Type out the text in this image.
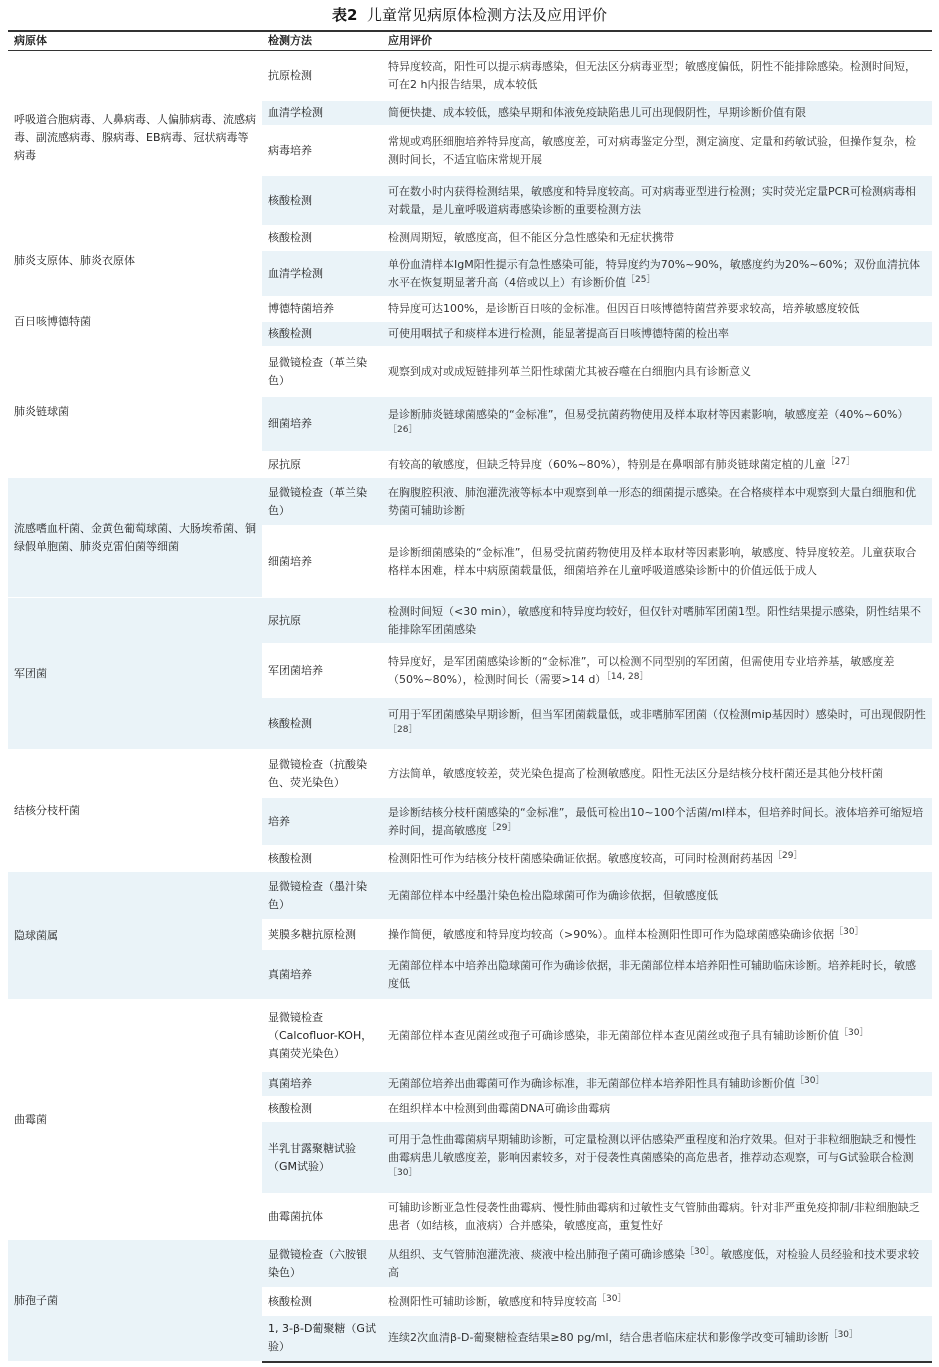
表2 儿童常见病原体检测方法及应用评价
病原体	检测方法	应用评价
呼吸道合胞病毒、人鼻病毒、人偏肺病毒、流感病毒、副流感病毒、腺病毒、EB病毒、冠状病毒等病毒	抗原检测	特异度较高，阳性可以提示病毒感染，但无法区分病毒亚型；敏感度偏低，阴性不能排除感染。检测时间短，可在2 h内报告结果，成本较低
	血清学检测	简便快捷、成本较低，感染早期和体液免疫缺陷患儿可出现假阴性，早期诊断价值有限
	病毒培养	常规或鸡胚细胞培养特异度高，敏感度差，可对病毒鉴定分型，测定滴度、定量和药敏试验，但操作复杂，检测时间长，不适宜临床常规开展
	核酸检测	可在数小时内获得检测结果，敏感度和特异度较高。可对病毒亚型进行检测；实时荧光定量PCR可检测病毒相对载量，是儿童呼吸道病毒感染诊断的重要检测方法
肺炎支原体、肺炎衣原体	核酸检测	检测周期短，敏感度高，但不能区分急性感染和无症状携带
	血清学检测	单份血清样本IgM阳性提示有急性感染可能，特异度约为70%~90%，敏感度约为20%~60%；双份血清抗体水平在恢复期显著升高（4倍或以上）有诊断价值$^{[25]}$
百日咳博德特菌	博德特菌培养	特异度可达100%，是诊断百日咳的金标准。但因百日咳博德特菌营养要求较高，培养敏感度较低
	核酸检测	可使用咽拭子和痰样本进行检测，能显著提高百日咳博德特菌的检出率
肺炎链球菌	显微镜检查（革兰染色）	观察到成对或成短链排列革兰阳性球菌尤其被吞噬在白细胞内具有诊断意义
	细菌培养	是诊断肺炎链球菌感染的“金标准”，但易受抗菌药物使用及样本取材等因素影响，敏感度差（40%~60%）$^{[26]}$
	尿抗原	有较高的敏感度，但缺乏特异度（60%~80%），特别是在鼻咽部有肺炎链球菌定植的儿童$^{[27]}$
流感嗜血杆菌、金黄色葡萄球菌、大肠埃希菌、铜绿假单胞菌、肺炎克雷伯菌等细菌	显微镜检查（革兰染色）	在胸腹腔积液、肺泡灌洗液等标本中观察到单一形态的细菌提示感染。在合格痰样本中观察到大量白细胞和优势菌可辅助诊断
	细菌培养	是诊断细菌感染的“金标准”，但易受抗菌药物使用及样本取材等因素影响，敏感度、特异度较差。儿童获取合格样本困难，样本中病原菌载量低，细菌培养在儿童呼吸道感染诊断中的价值远低于成人
军团菌	尿抗原	检测时间短（<30 min），敏感度和特异度均较好，但仅针对嗜肺军团菌1型。阳性结果提示感染，阴性结果不能排除军团菌感染
	军团菌培养	特异度好，是军团菌感染诊断的“金标准”，可以检测不同型别的军团菌，但需使用专业培养基，敏感度差（50%~80%），检测时间长（需要>14 d）$^{[14, 28]}$
	核酸检测	可用于军团菌感染早期诊断，但当军团菌载量低，或非嗜肺军团菌（仅检测mip基因时）感染时，可出现假阴性$^{[28]}$
结核分枝杆菌	显微镜检查（抗酸染色、荧光染色）	方法简单，敏感度较差，荧光染色提高了检测敏感度。阳性无法区分是结核分枝杆菌还是其他分枝杆菌
	培养	是诊断结核分枝杆菌感染的“金标准”，最低可检出10~100个活菌/ml样本，但培养时间长。液体培养可缩短培养时间，提高敏感度$^{[29]}$
	核酸检测	检测阳性可作为结核分枝杆菌感染确证依据。敏感度较高，可同时检测耐药基因$^{[29]}$
隐球菌属	显微镜检查（墨汁染色）	无菌部位样本中经墨汁染色检出隐球菌可作为确诊依据，但敏感度低
	荚膜多糖抗原检测	操作简便，敏感度和特异度均较高（>90%）。血样本检测阳性即可作为隐球菌感染确诊依据$^{[30]}$
	真菌培养	无菌部位样本中培养出隐球菌可作为确诊依据，非无菌部位样本培养阳性可辅助临床诊断。培养耗时长，敏感度低
曲霉菌	显微镜检查（Calcofluor-KOH，真菌荧光染色）	无菌部位样本查见菌丝或孢子可确诊感染，非无菌部位样本查见菌丝或孢子具有辅助诊断价值$^{[30]}$
	真菌培养	无菌部位培养出曲霉菌可作为确诊标准，非无菌部位样本培养阳性具有辅助诊断价值$^{[30]}$
	核酸检测	在组织样本中检测到曲霉菌DNA可确诊曲霉病
	半乳甘露聚糖试验（GM试验）	可用于急性曲霉菌病早期辅助诊断，可定量检测以评估感染严重程度和治疗效果。但对于非粒细胞缺乏和慢性曲霉病患儿敏感度差，影响因素较多，对于侵袭性真菌感染的高危患者，推荐动态观察，可与G试验联合检测$^{[30]}$
	曲霉菌抗体	可辅助诊断亚急性侵袭性曲霉病、慢性肺曲霉病和过敏性支气管肺曲霉病。针对非严重免疫抑制/非粒细胞缺乏患者（如结核，血液病）合并感染，敏感度高，重复性好
肺孢子菌	显微镜检查（六胺银染色）	从组织、支气管肺泡灌洗液、痰液中检出肺孢子菌可确诊感染$^{[30]}$。敏感度低，对检验人员经验和技术要求较高
	核酸检测	检测阳性可辅助诊断，敏感度和特异度较高$^{[30]}$
	1, 3-β-D葡聚糖（G试验）	连续2次血清β-D-葡聚糖检查结果≥80 pg/ml，结合患者临床症状和影像学改变可辅助诊断$^{[30]}$
